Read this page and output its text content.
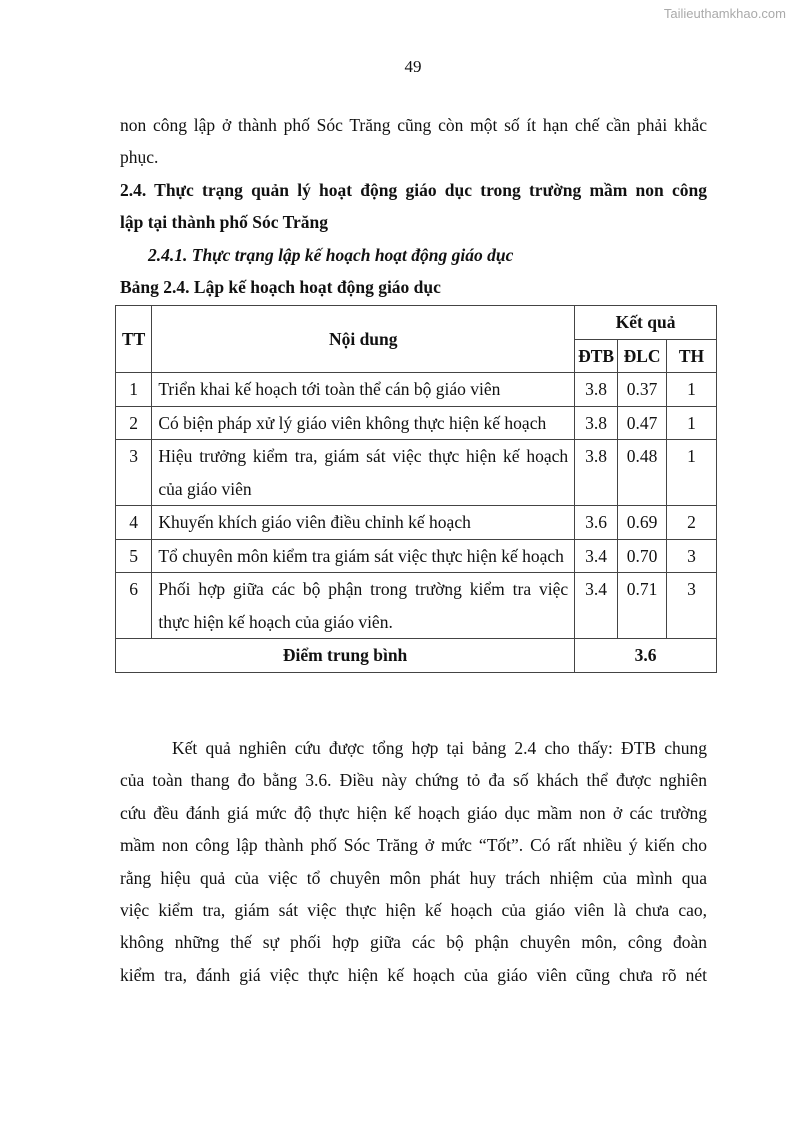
Tailieuthamkhao.com
49
non công lập ở thành phố Sóc Trăng cũng còn một số ít hạn chế cần phải khắc
phục.
2.4. Thực trạng quản lý hoạt động giáo dục trong trường mầm non công
lập tại thành phố Sóc Trăng
2.4.1. Thực trạng lập kế hoạch hoạt động giáo dục
Bảng 2.4. Lập kế hoạch hoạt động giáo dục
TT	Nội dung	Kết quả		
		ĐTB	ĐLC	TH
1	Triển khai kế hoạch tới toàn thể cán bộ giáo viên	3.8	0.37	1
2	Có biện pháp xử lý giáo viên không thực hiện kế hoạch	3.8	0.47	1
3	Hiệu trưởng kiểm tra, giám sát việc thực hiện kế hoạch của giáo viên	3.8	0.48	1
4	Khuyến khích giáo viên điều chỉnh kế hoạch	3.6	0.69	2
5	Tổ chuyên môn kiểm tra giám sát việc thực hiện kế hoạch	3.4	0.70	3
6	Phối hợp giữa các bộ phận trong trường kiểm tra việc thực hiện kế hoạch của giáo viên.	3.4	0.71	3
Điểm trung bình		3.6		
Kết quả nghiên cứu được tổng hợp tại bảng 2.4 cho thấy: ĐTB chung
của toàn thang đo bằng 3.6. Điều này chứng tỏ đa số khách thể được nghiên
cứu đều đánh giá mức độ thực hiện kế hoạch giáo dục mầm non ở các trường
mầm non công lập thành phố Sóc Trăng ở mức “Tốt”. Có rất nhiều ý kiến cho
rằng hiệu quả của việc tổ chuyên môn phát huy trách nhiệm của mình qua
việc kiểm tra, giám sát việc thực hiện kế hoạch của giáo viên là chưa cao,
không những thế sự phối hợp giữa các bộ phận chuyên môn, công đoàn
kiểm tra, đánh giá việc thực hiện kế hoạch của giáo viên cũng chưa rõ nét
